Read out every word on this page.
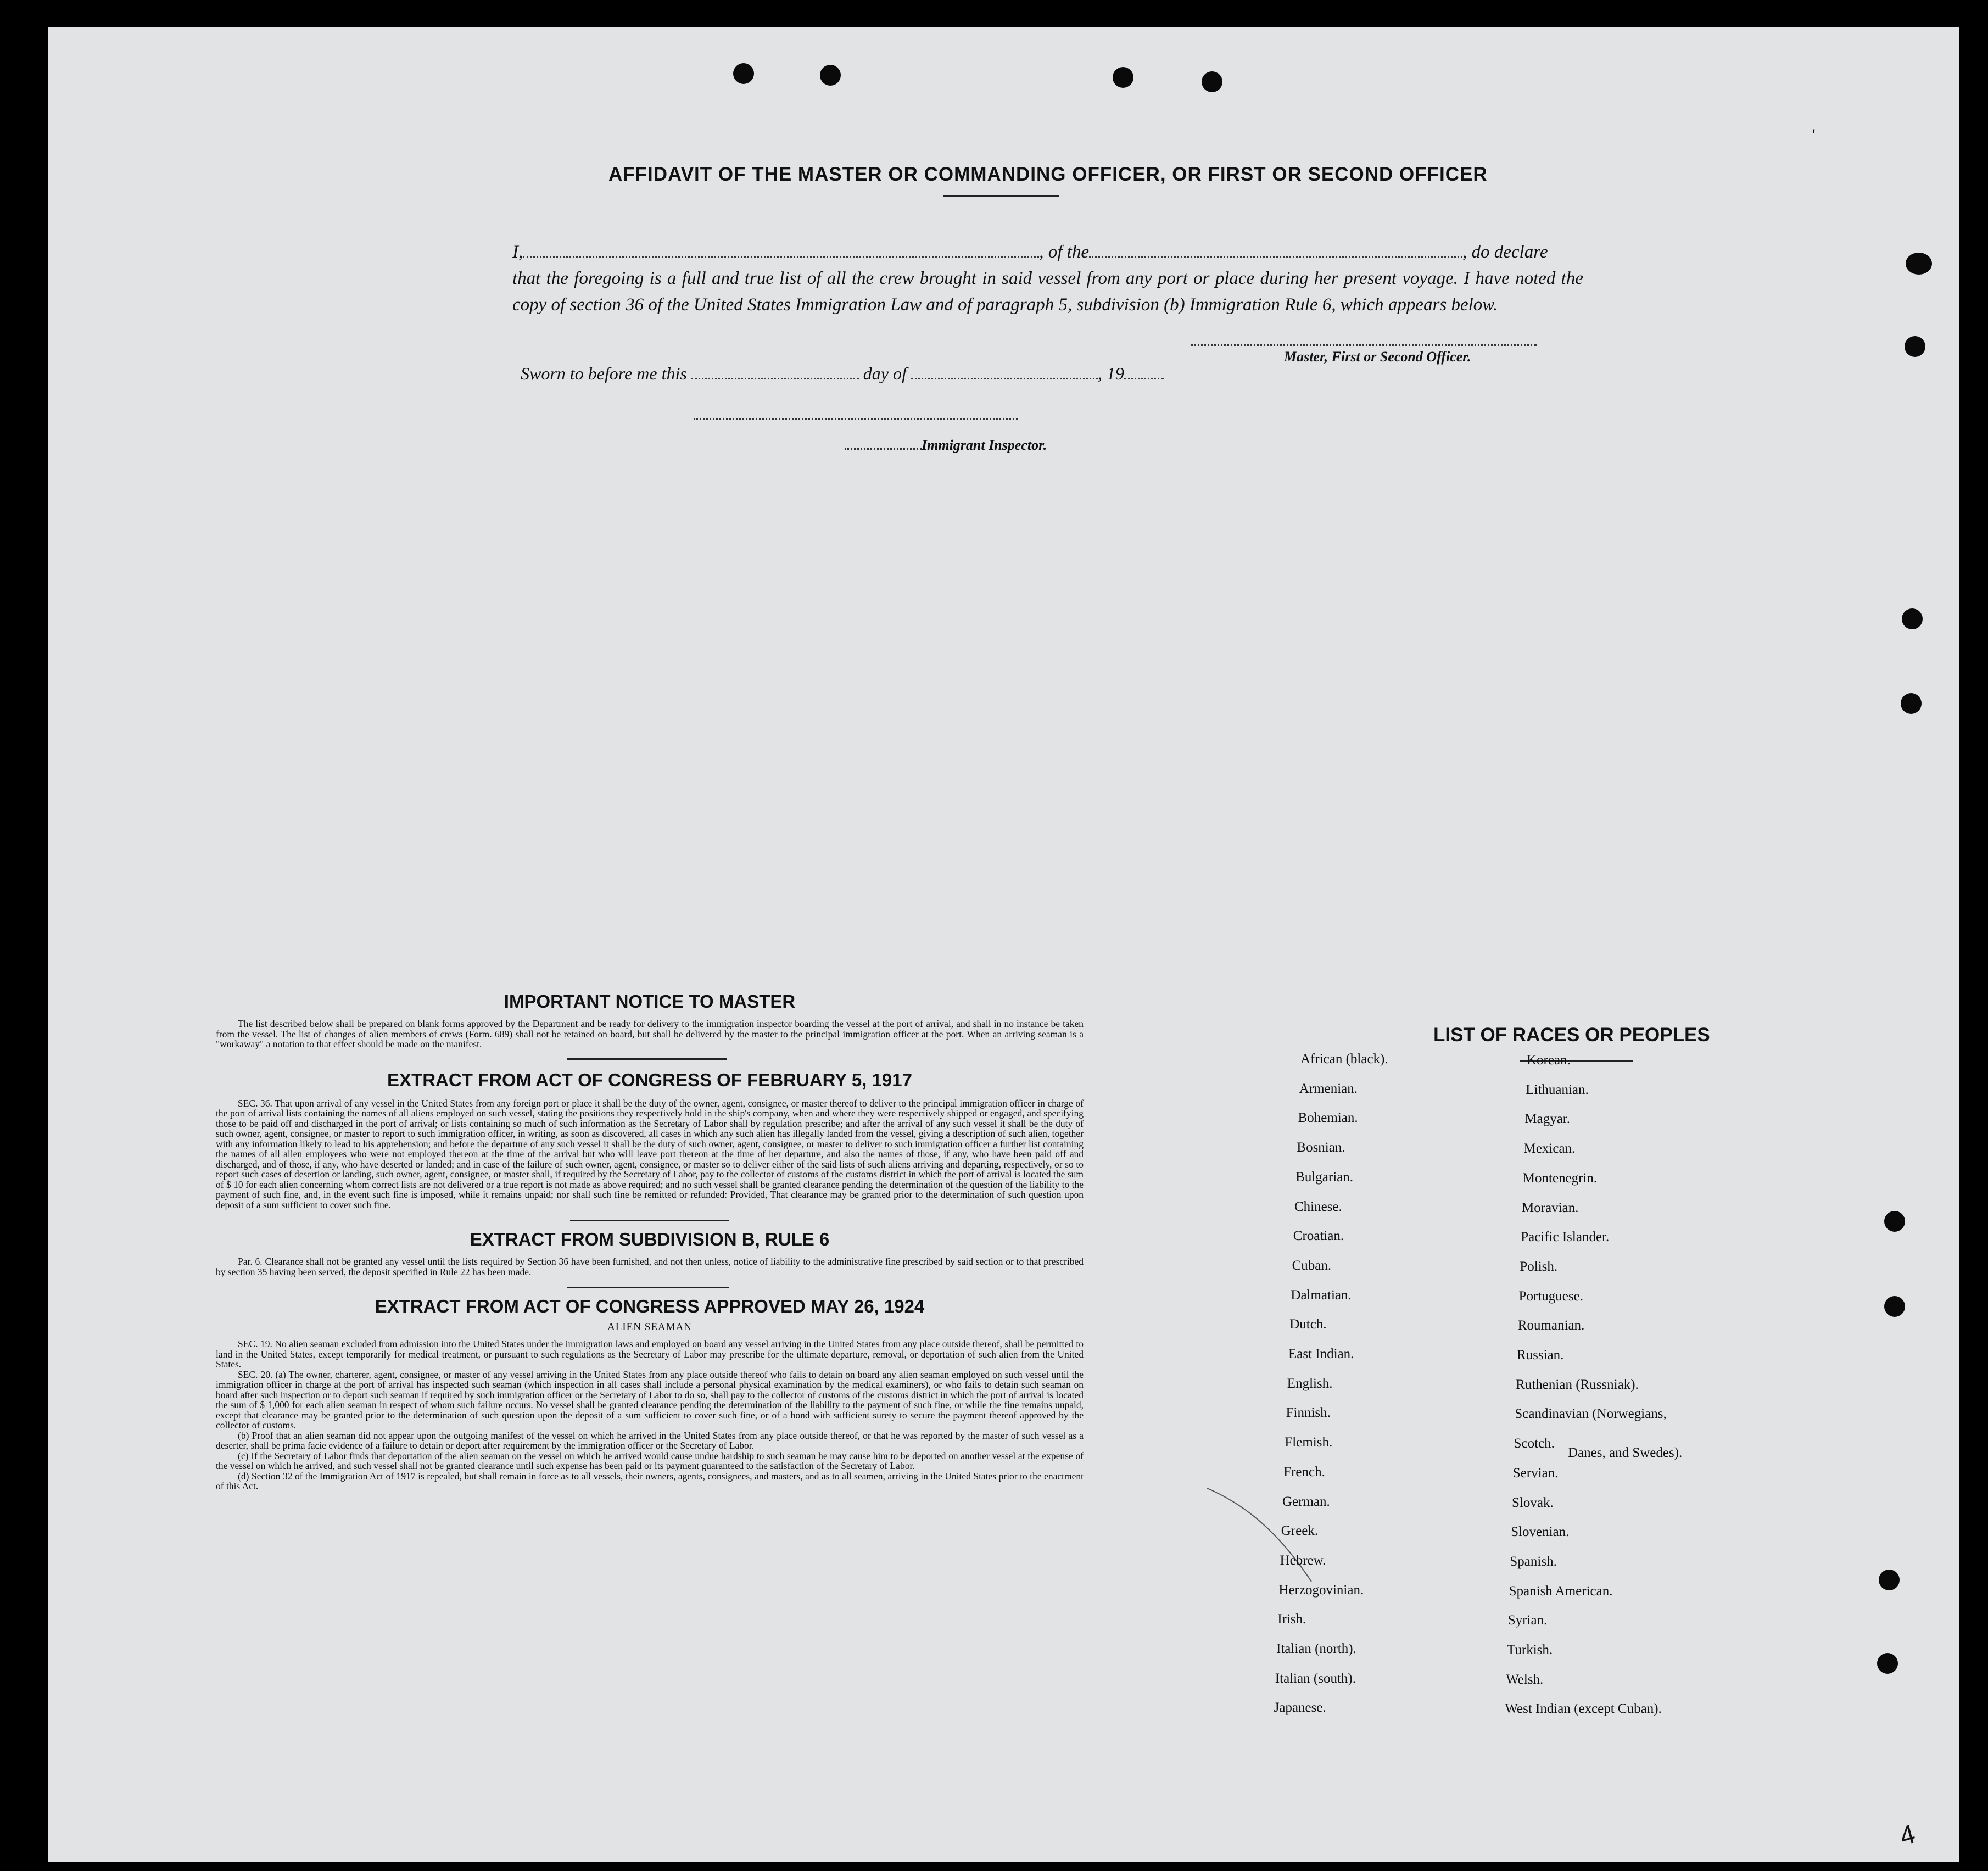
'
4
AFFIDAVIT OF THE MASTER OR COMMANDING OFFICER, OR FIRST OR SECOND OFFICER
I,	, of the	, do declare
that the foregoing is a full and true list of all the crew brought in said vessel from any port or place during her present voyage. I have noted the copy of section 36 of the United States Immigration Law and of paragraph 5, subdivision (b) Immigration Rule 6, which appears below.
Master, First or Second Officer.
Sworn to before me this	day of	, 19
Immigrant Inspector.
IMPORTANT NOTICE TO MASTER

The list described below shall be prepared on blank forms approved by the Department and be ready for delivery to the immigration inspector boarding the vessel at the port of arrival, and shall in no instance be taken from the vessel. The list of changes of alien members of crews (Form. 689) shall not be retained on board, but shall be delivered by the master to the principal immigration officer at the port. When an arriving seaman is a "workaway" a notation to that effect should be made on the manifest.

EXTRACT FROM ACT OF CONGRESS OF FEBRUARY 5, 1917

SEC. 36. That upon arrival of any vessel in the United States from any foreign port or place it shall be the duty of the owner, agent, consignee, or master thereof to deliver to the principal immigration officer in charge of the port of arrival lists containing the names of all aliens employed on such vessel, stating the positions they respectively hold in the ship's company, when and where they were respectively shipped or engaged, and specifying those to be paid off and discharged in the port of arrival; or lists containing so much of such information as the Secretary of Labor shall by regulation prescribe; and after the arrival of any such vessel it shall be the duty of such owner, agent, consignee, or master to report to such immigration officer, in writing, as soon as discovered, all cases in which any such alien has illegally landed from the vessel, giving a description of such alien, together with any information likely to lead to his apprehension; and before the departure of any such vessel it shall be the duty of such owner, agent, consignee, or master to deliver to such immigration officer a further list containing the names of all alien employees who were not employed thereon at the time of the arrival but who will leave port thereon at the time of her departure, and also the names of those, if any, who have been paid off and discharged, and of those, if any, who have deserted or landed; and in case of the failure of such owner, agent, consignee, or master so to deliver either of the said lists of such aliens arriving and departing, respectively, or so to report such cases of desertion or landing, such owner, agent, consignee, or master shall, if required by the Secretary of Labor, pay to the collector of customs of the customs district in which the port of arrival is located the sum of $ 10 for each alien concerning whom correct lists are not delivered or a true report is not made as above required; and no such vessel shall be granted clearance pending the determination of the question of the liability to the payment of such fine, and, in the event such fine is imposed, while it remains unpaid; nor shall such fine be remitted or refunded: Provided, That clearance may be granted prior to the determination of such question upon deposit of a sum sufficient to cover such fine.

EXTRACT FROM SUBDIVISION B, RULE 6

Par. 6. Clearance shall not be granted any vessel until the lists required by Section 36 have been furnished, and not then unless, notice of liability to the administrative fine prescribed by said section or to that prescribed by section 35 having been served, the deposit specified in Rule 22 has been made.

EXTRACT FROM ACT OF CONGRESS APPROVED MAY 26, 1924
ALIEN SEAMAN

SEC. 19. No alien seaman excluded from admission into the United States under the immigration laws and employed on board any vessel arriving in the United States from any place outside thereof, shall be permitted to land in the United States, except temporarily for medical treatment, or pursuant to such regulations as the Secretary of Labor may prescribe for the ultimate departure, removal, or deportation of such alien from the United States.

SEC. 20. (a) The owner, charterer, agent, consignee, or master of any vessel arriving in the United States from any place outside thereof who fails to detain on board any alien seaman employed on such vessel until the immigration officer in charge at the port of arrival has inspected such seaman (which inspection in all cases shall include a personal physical examination by the medical examiners), or who fails to detain such seaman on board after such inspection or to deport such seaman if required by such immigration officer or the Secretary of Labor to do so, shall pay to the collector of customs of the customs district in which the port of arrival is located the sum of $ 1,000 for each alien seaman in respect of whom such failure occurs. No vessel shall be granted clearance pending the determination of the liability to the payment of such fine, or while the fine remains unpaid, except that clearance may be granted prior to the determination of such question upon the deposit of a sum sufficient to cover such fine, or of a bond with sufficient surety to secure the payment thereof approved by the collector of customs.

(b) Proof that an alien seaman did not appear upon the outgoing manifest of the vessel on which he arrived in the United States from any place outside thereof, or that he was reported by the master of such vessel as a deserter, shall be prima facie evidence of a failure to detain or deport after requirement by the immigration officer or the Secretary of Labor.

(c) If the Secretary of Labor finds that deportation of the alien seaman on the vessel on which he arrived would cause undue hardship to such seaman he may cause him to be deported on another vessel at the expense of the vessel on which he arrived, and such vessel shall not be granted clearance until such expense has been paid or its payment guaranteed to the satisfaction of the Secretary of Labor.

(d) Section 32 of the Immigration Act of 1917 is repealed, but shall remain in force as to all vessels, their owners, agents, consignees, and masters, and as to all seamen, arriving in the United States prior to the enactment of this Act.

LIST OF RACES OR PEOPLES
Danes, and Swedes).
African (black).
Armenian.
Bohemian.
Bosnian.
Bulgarian.
Chinese.
Croatian.
Cuban.
Dalmatian.
Dutch.
East Indian.
English.
Finnish.
Flemish.
French.
German.
Greek.
Hebrew.
Herzogovinian.
Irish.
Italian (north).
Italian (south).
Japanese.
Korean.
Lithuanian.
Magyar.
Mexican.
Montenegrin.
Moravian.
Pacific Islander.
Polish.
Portuguese.
Roumanian.
Russian.
Ruthenian (Russniak).
Scandinavian (Norwegians,
Scotch.
Servian.
Slovak.
Slovenian.
Spanish.
Spanish American.
Syrian.
Turkish.
Welsh.
West Indian (except Cuban).
